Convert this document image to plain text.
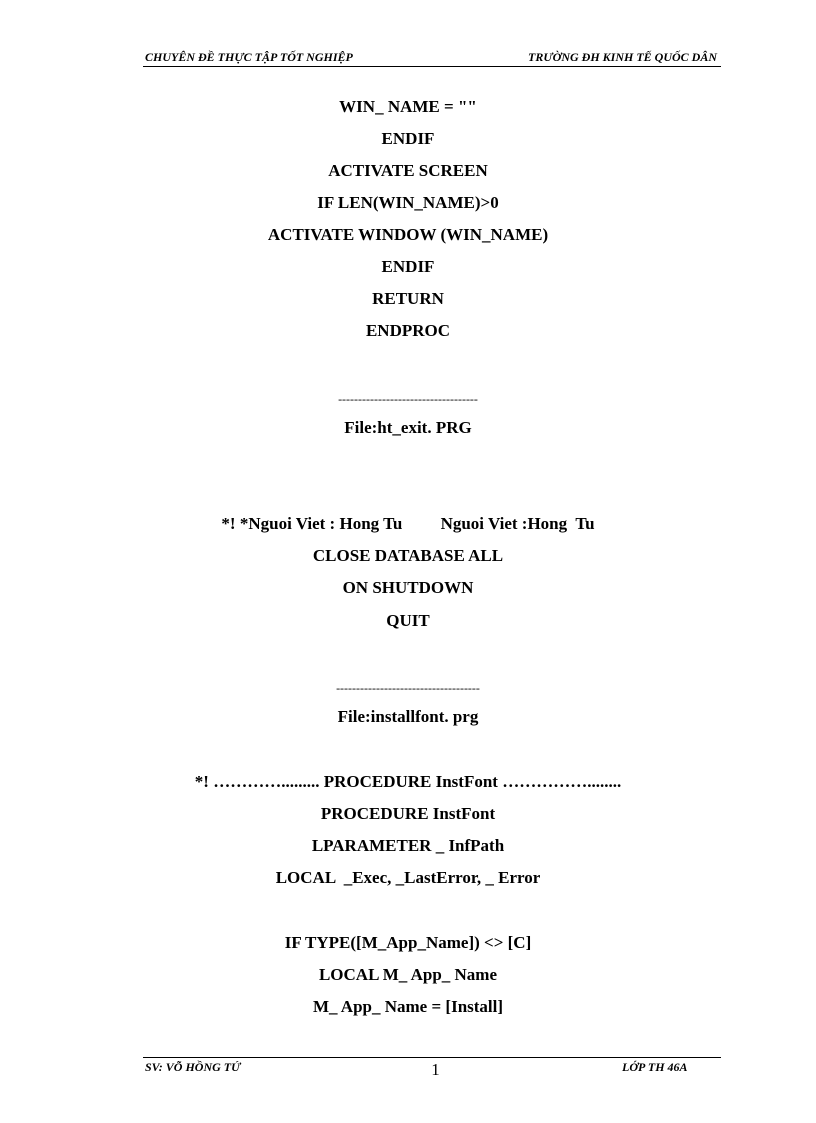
CHUYÊN ĐỀ THỰC TẬP TỐT NGHIỆP	TRƯỜNG ĐH KINH TẾ QUỐC DÂN
WIN_ NAME = ""
ENDIF
ACTIVATE SCREEN
IF LEN(WIN_NAME)>0
ACTIVATE WINDOW (WIN_NAME)
ENDIF
RETURN
ENDPROC
-----------------------------------
File:ht_exit. PRG
*! *Nguoi Viet : Hong Tu         Nguoi Viet :Hong  Tu
CLOSE DATABASE ALL
ON SHUTDOWN
QUIT
------------------------------------
File:installfont. prg
*! …………......... PROCEDURE InstFont ……………........
PROCEDURE InstFont
LPARAMETER _ InfPath
LOCAL  _Exec, _LastError, _ Error
IF TYPE([M_App_Name]) <> [C]
LOCAL M_ App_ Name
M_ App_ Name = [Install]
SV: VÕ HỒNG TỨ	1	LỚP TH 46A
